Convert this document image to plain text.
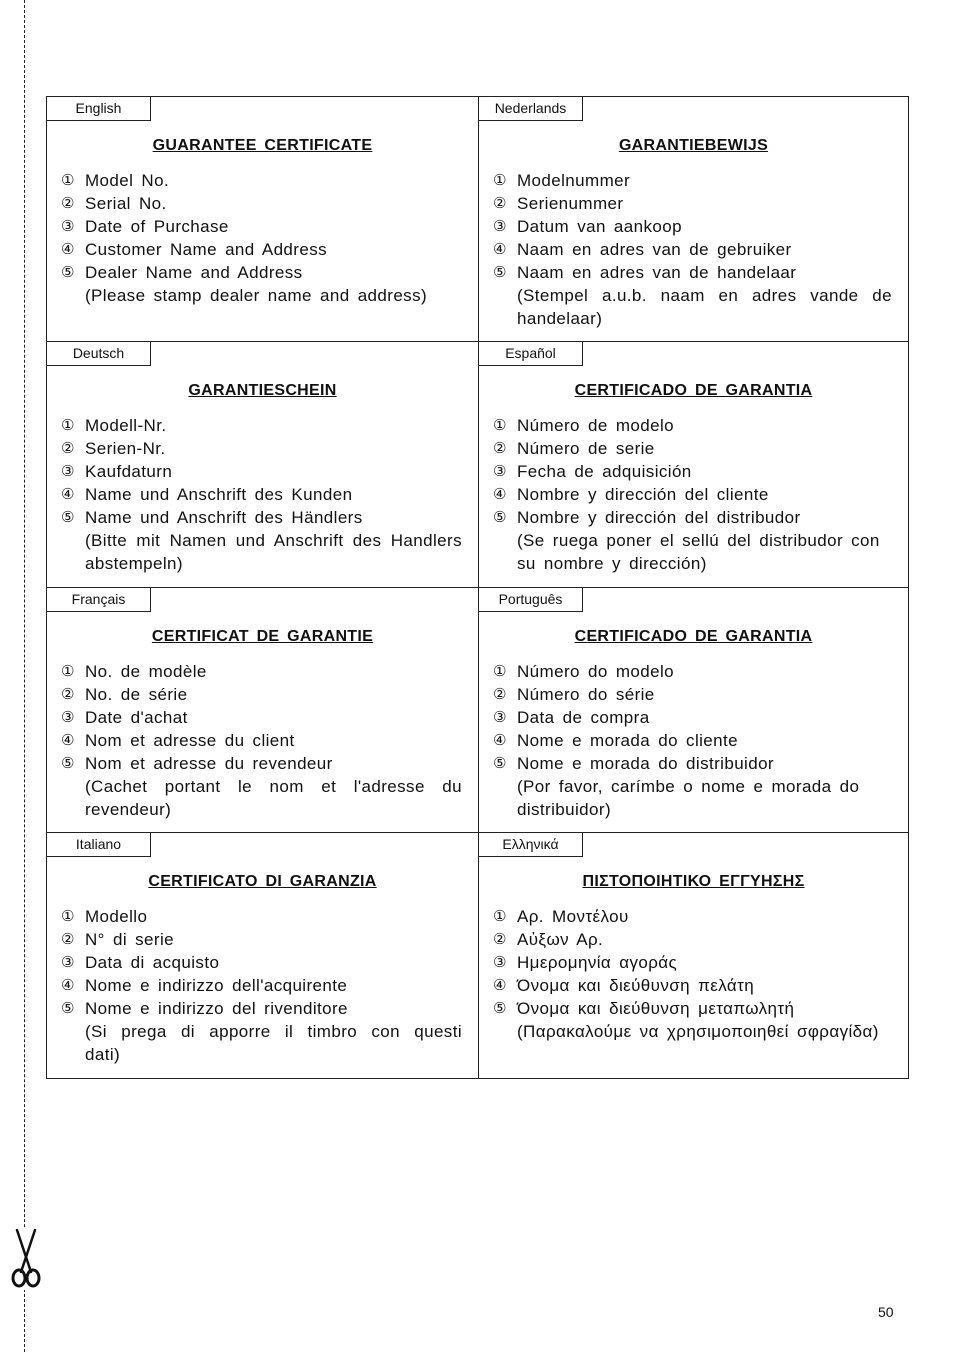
English
GUARANTEE CERTIFICATE
① Model No.
② Serial No.
③ Date of Purchase
④ Customer Name and Address
⑤ Dealer Name and Address

(Please stamp dealer name and address)

Nederlands
GARANTIEBEWIJS
① Modelnummer
② Serienummer
③ Datum van aankoop
④ Naam en adres van de gebruiker
⑤ Naam en adres van de handelaar

(Stempel a.u.b. naam en adres vande de handelaar)

Deutsch
GARANTIESCHEIN
① Modell-Nr.
② Serien-Nr.
③ Kaufdaturn
④ Name und Anschrift des Kunden
⑤ Name und Anschrift des Händlers

(Bitte mit Namen und Anschrift des Handlers abstempeln)

Español
CERTIFICADO DE GARANTIA
① Número de modelo
② Número de serie
③ Fecha de adquisición
④ Nombre y dirección del cliente
⑤ Nombre y dirección del distribudor

(Se ruega poner el sellú del distribudor con su nombre y dirección)

Français
CERTIFICAT DE GARANTIE
① No. de modèle
② No. de série
③ Date d'achat
④ Nom et adresse du client
⑤ Nom et adresse du revendeur

(Cachet portant le nom et l'adresse du revendeur)

Português
CERTIFICADO DE GARANTIA
① Número do modelo
② Número do série
③ Data de compra
④ Nome e morada do cliente
⑤ Nome e morada do distribuidor

(Por favor, carímbe o nome e morada do distribuidor)

Italiano
CERTIFICATO DI GARANZIA
① Modello
② N° di serie
③ Data di acquisto
④ Nome e indirizzo dell'acquirente
⑤ Nome e indirizzo del rivenditore

(Si prega di apporre il timbro con questi dati)

Ελληνικά
ΠΙΣΤΟΠΟΙΗΤΙΚΟ ΕΓΓΥΗΣΗΣ
① Αρ. Μοντέλου
② Αὐξων Αρ.
③ Ημερομηνία αγοράς
④ Όνομα και διεύθυνση πελάτη
⑤ Όνομα και διεύθυνση μεταπωλητή

(Παρακαλούμε να χρησιμοποιηθεί σφραγίδα)

50
